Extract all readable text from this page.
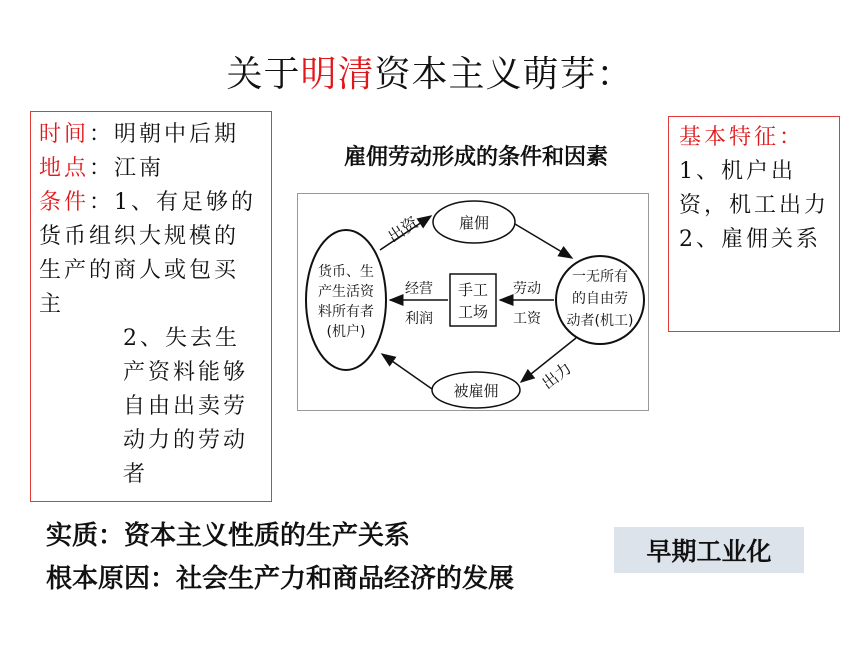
关于明清资本主义萌芽：
时间：明朝中后期
地点：江南
条件：1、有足够的货币组织大规模的生产的商人或包买主
2、失去生产资料能够自由出卖劳动力的劳动者
基本特征：
1、机户出资，机工出力
2、雇佣关系
雇佣劳动形成的条件和因素
货币、生
产生活资
料所有者
(机户)
一无所有
的自由劳
动者(机工)
手工
工场
雇佣
被雇佣
出资
出力
经营
利润
劳动
工资
实质：资本主义性质的生产关系
根本原因：社会生产力和商品经济的发展
早期工业化
